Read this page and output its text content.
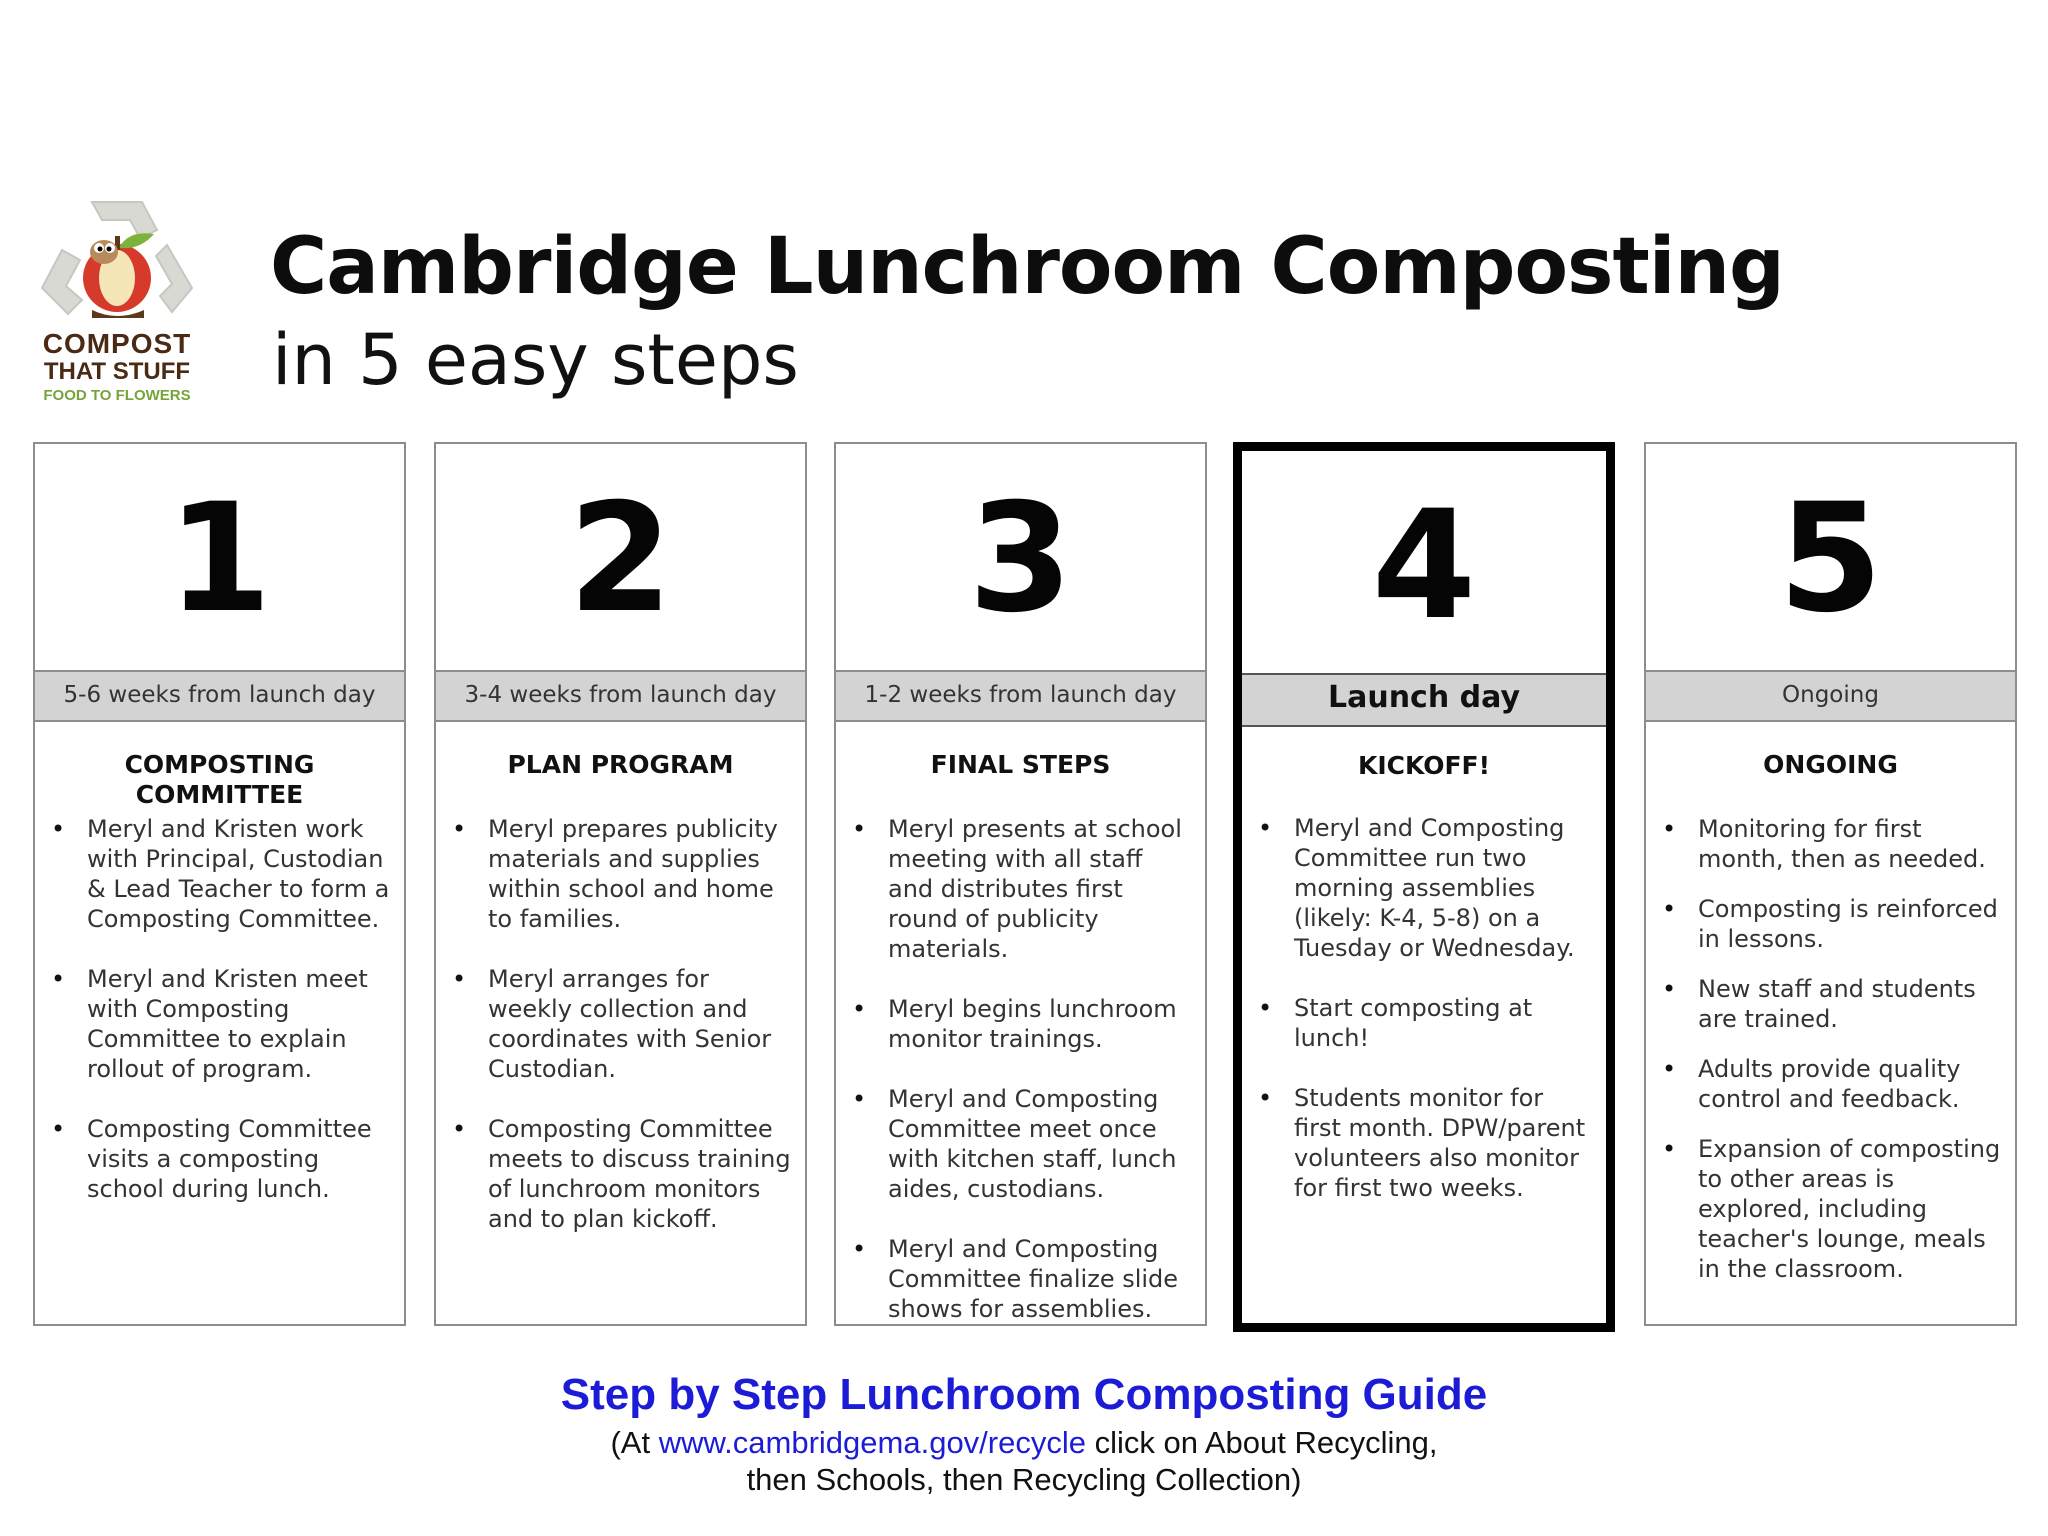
COMPOST
THAT STUFF
FOOD TO FLOWERS
Cambridge Lunchroom Composting
in 5 easy steps
1
5-6 weeks from launch day
COMPOSTING COMMITTEE
• Meryl and Kristen work with Principal, Custodian & Lead Teacher to form a Composting Committee.
• Meryl and Kristen meet with Composting Committee to explain rollout of program.
• Composting Committee visits a composting school during lunch.
2
3-4 weeks from launch day
PLAN PROGRAM
• Meryl prepares publicity materials and supplies within school and home to families.
• Meryl arranges for weekly collection and coordinates with Senior Custodian.
• Composting Committee meets to discuss training of lunchroom monitors and to plan kickoff.
3
1-2 weeks from launch day
FINAL STEPS
• Meryl presents at school meeting with all staff and distributes first round of publicity materials.
• Meryl begins lunchroom monitor trainings.
• Meryl and Composting Committee meet once with kitchen staff, lunch aides, custodians.
• Meryl and Composting Committee finalize slide shows for assemblies.
4
Launch day
KICKOFF!
• Meryl and Composting Committee run two morning assemblies (likely: K-4, 5-8) on a Tuesday or Wednesday.
• Start composting at lunch!
• Students monitor for first month. DPW/parent volunteers also monitor for first two weeks.
5
Ongoing
ONGOING
• Monitoring for first month, then as needed.
• Composting is reinforced in lessons.
• New staff and students are trained.
• Adults provide quality control and feedback.
• Expansion of composting to other areas is explored, including teacher's lounge, meals in the classroom.
Step by Step Lunchroom Composting Guide
(At www.cambridgema.gov/recycle click on About Recycling,
then Schools, then Recycling Collection)
